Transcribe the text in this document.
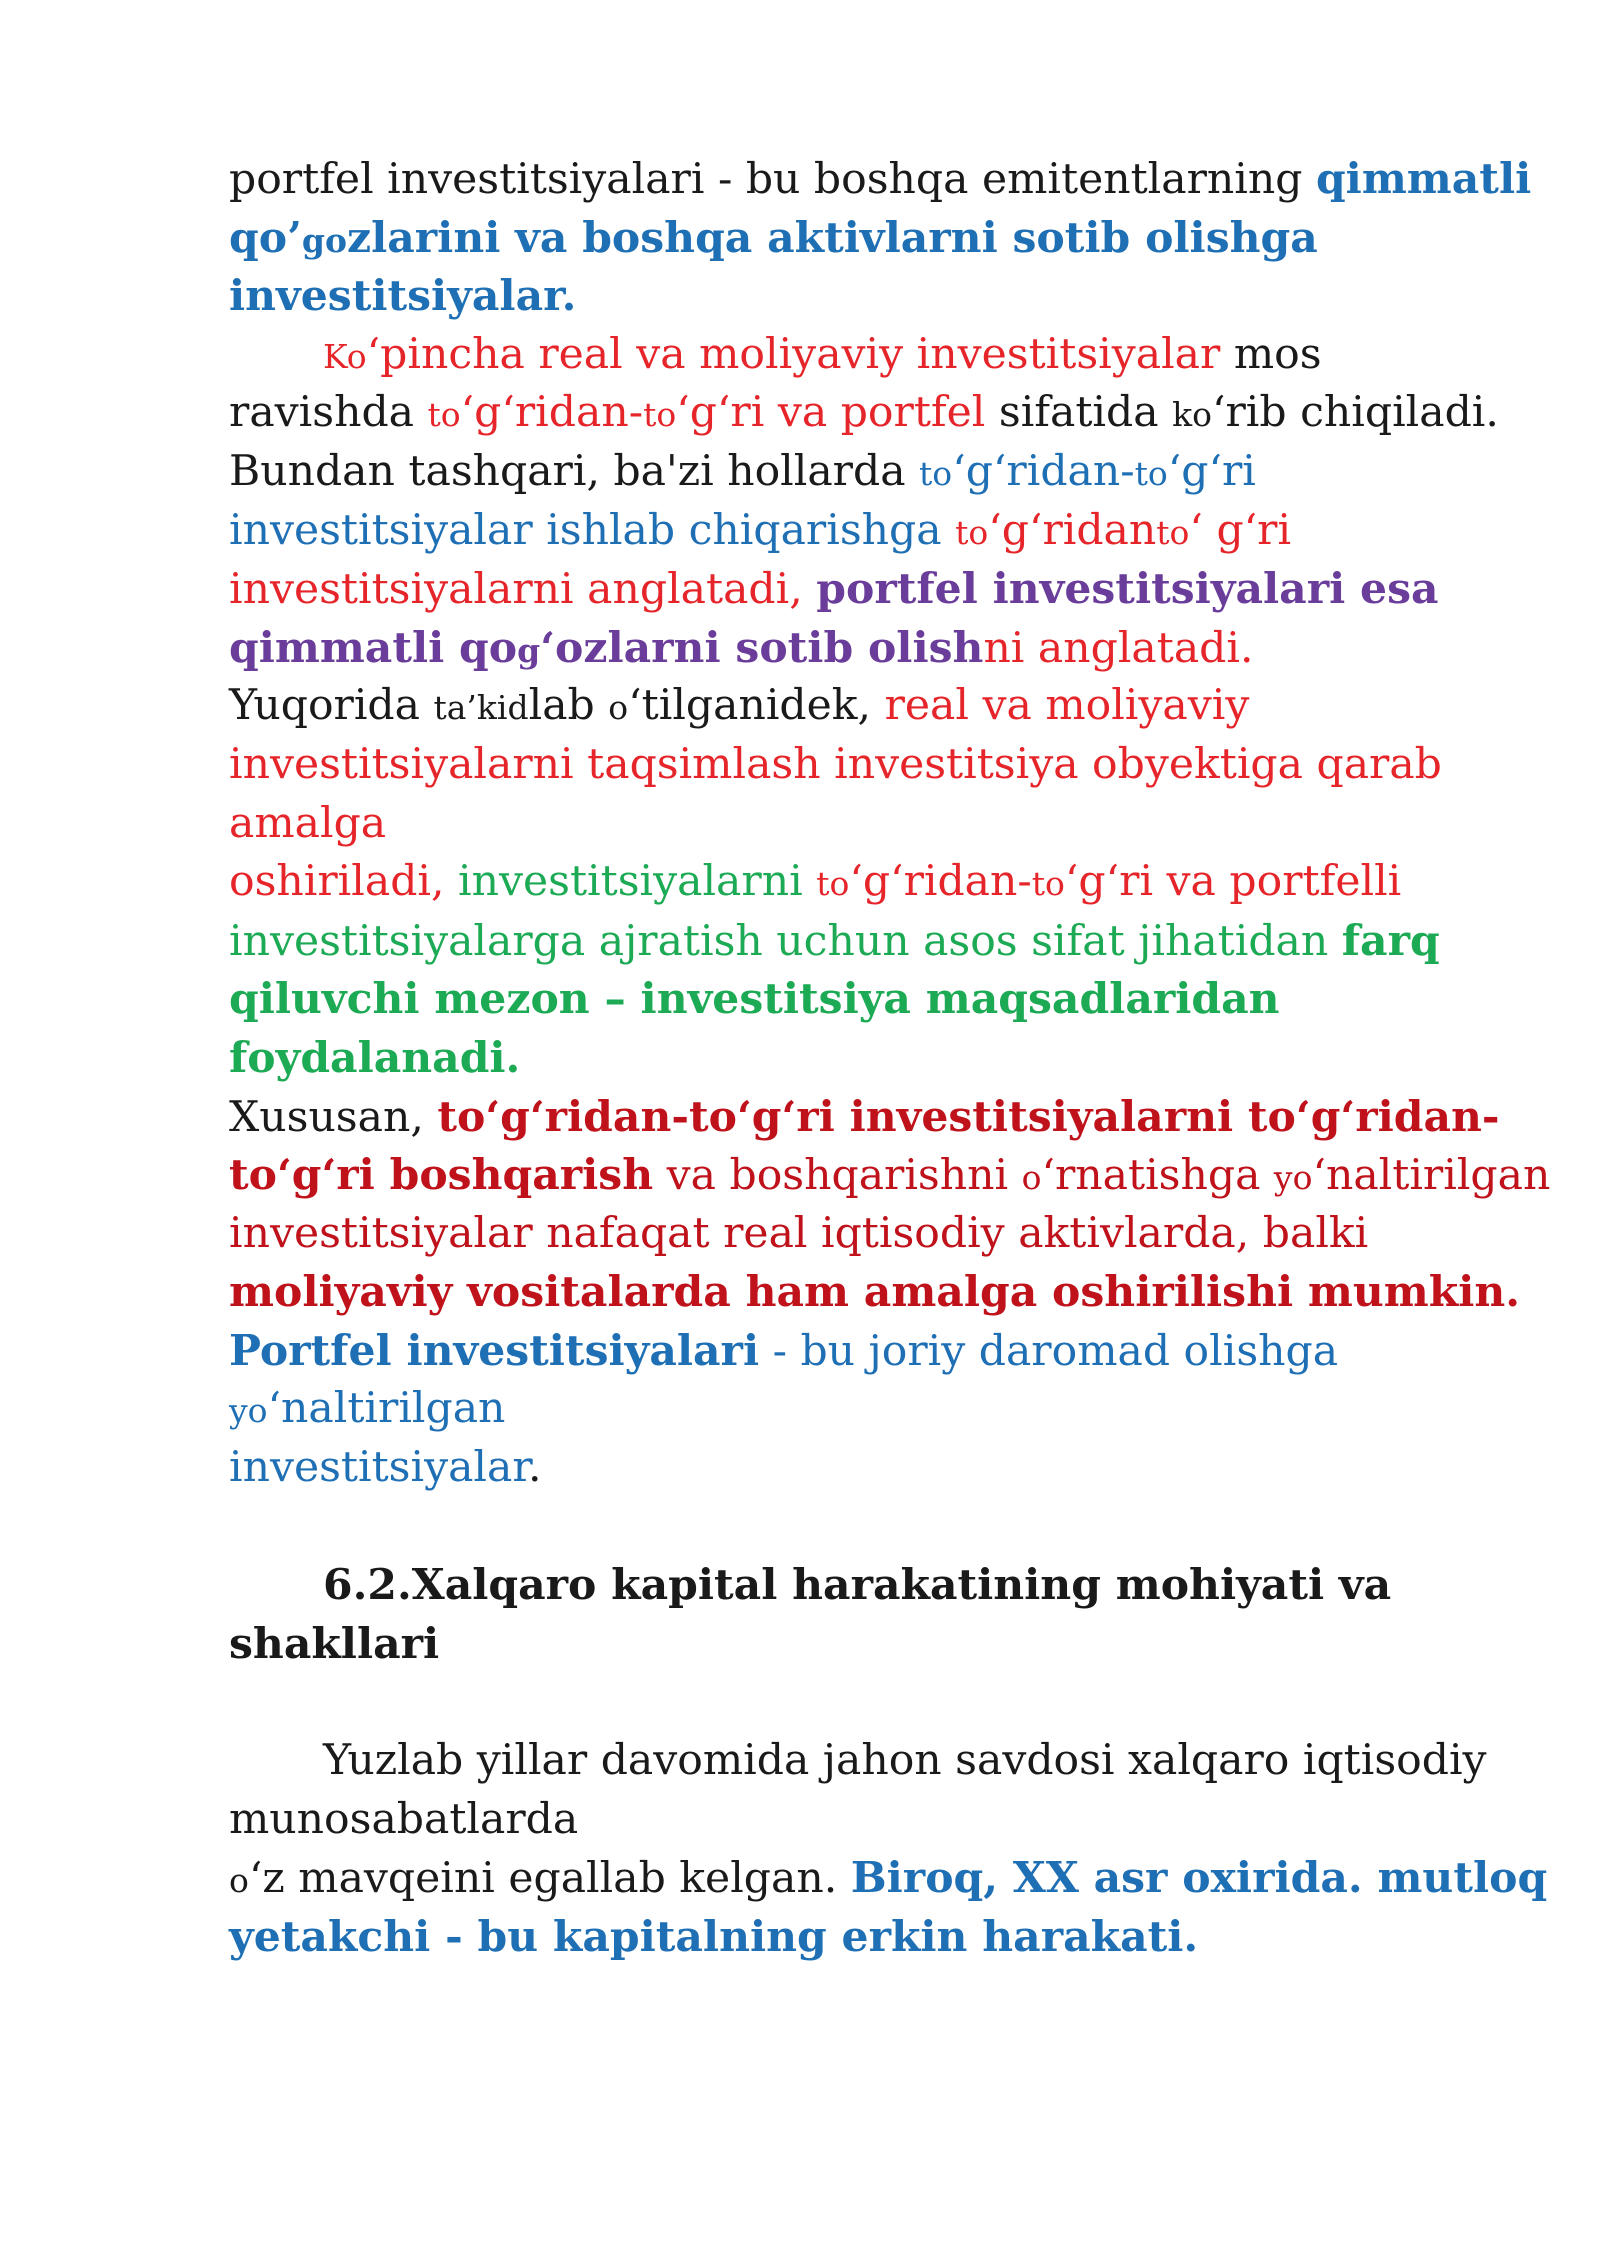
portfel investitsiyalari - bu boshqa emitentlarning qimmatli
qo’gozlarini va boshqa aktivlarni sotib olishga
investitsiyalar.
Ko‘pincha real va moliyaviy investitsiyalar mos
ravishda to‘g‘ridan-to‘g‘ri va portfel sifatida ko‘rib chiqiladi.
Bundan tashqari, ba'zi hollarda to‘g‘ridan-to‘g‘ri
investitsiyalar ishlab chiqarishga to‘g‘ridanto‘ g‘ri
investitsiyalarni anglatadi, portfel investitsiyalari esa
qimmatli qog‘ozlarni sotib olishni anglatadi.
Yuqorida ta’kidlab o‘tilganidek, real va moliyaviy
investitsiyalarni taqsimlash investitsiya obyektiga qarab
amalga
oshiriladi, investitsiyalarni to‘g‘ridan-to‘g‘ri va portfelli
investitsiyalarga ajratish uchun asos sifat jihatidan farq
qiluvchi mezon – investitsiya maqsadlaridan
foydalanadi.
Xususan, to‘g‘ridan-to‘g‘ri investitsiyalarni to‘g‘ridan-
to‘g‘ri boshqarish va boshqarishni o‘rnatishga yo‘naltirilgan
investitsiyalar nafaqat real iqtisodiy aktivlarda, balki
moliyaviy vositalarda ham amalga oshirilishi mumkin.
Portfel investitsiyalari - bu joriy daromad olishga
yo‘naltirilgan
investitsiyalar.
6.2.Xalqaro kapital harakatining mohiyati va
shakllari
Yuzlab yillar davomida jahon savdosi xalqaro iqtisodiy
munosabatlarda
o‘z mavqeini egallab kelgan. Biroq, XX asr oxirida. mutloq
yetakchi - bu kapitalning erkin harakati.
